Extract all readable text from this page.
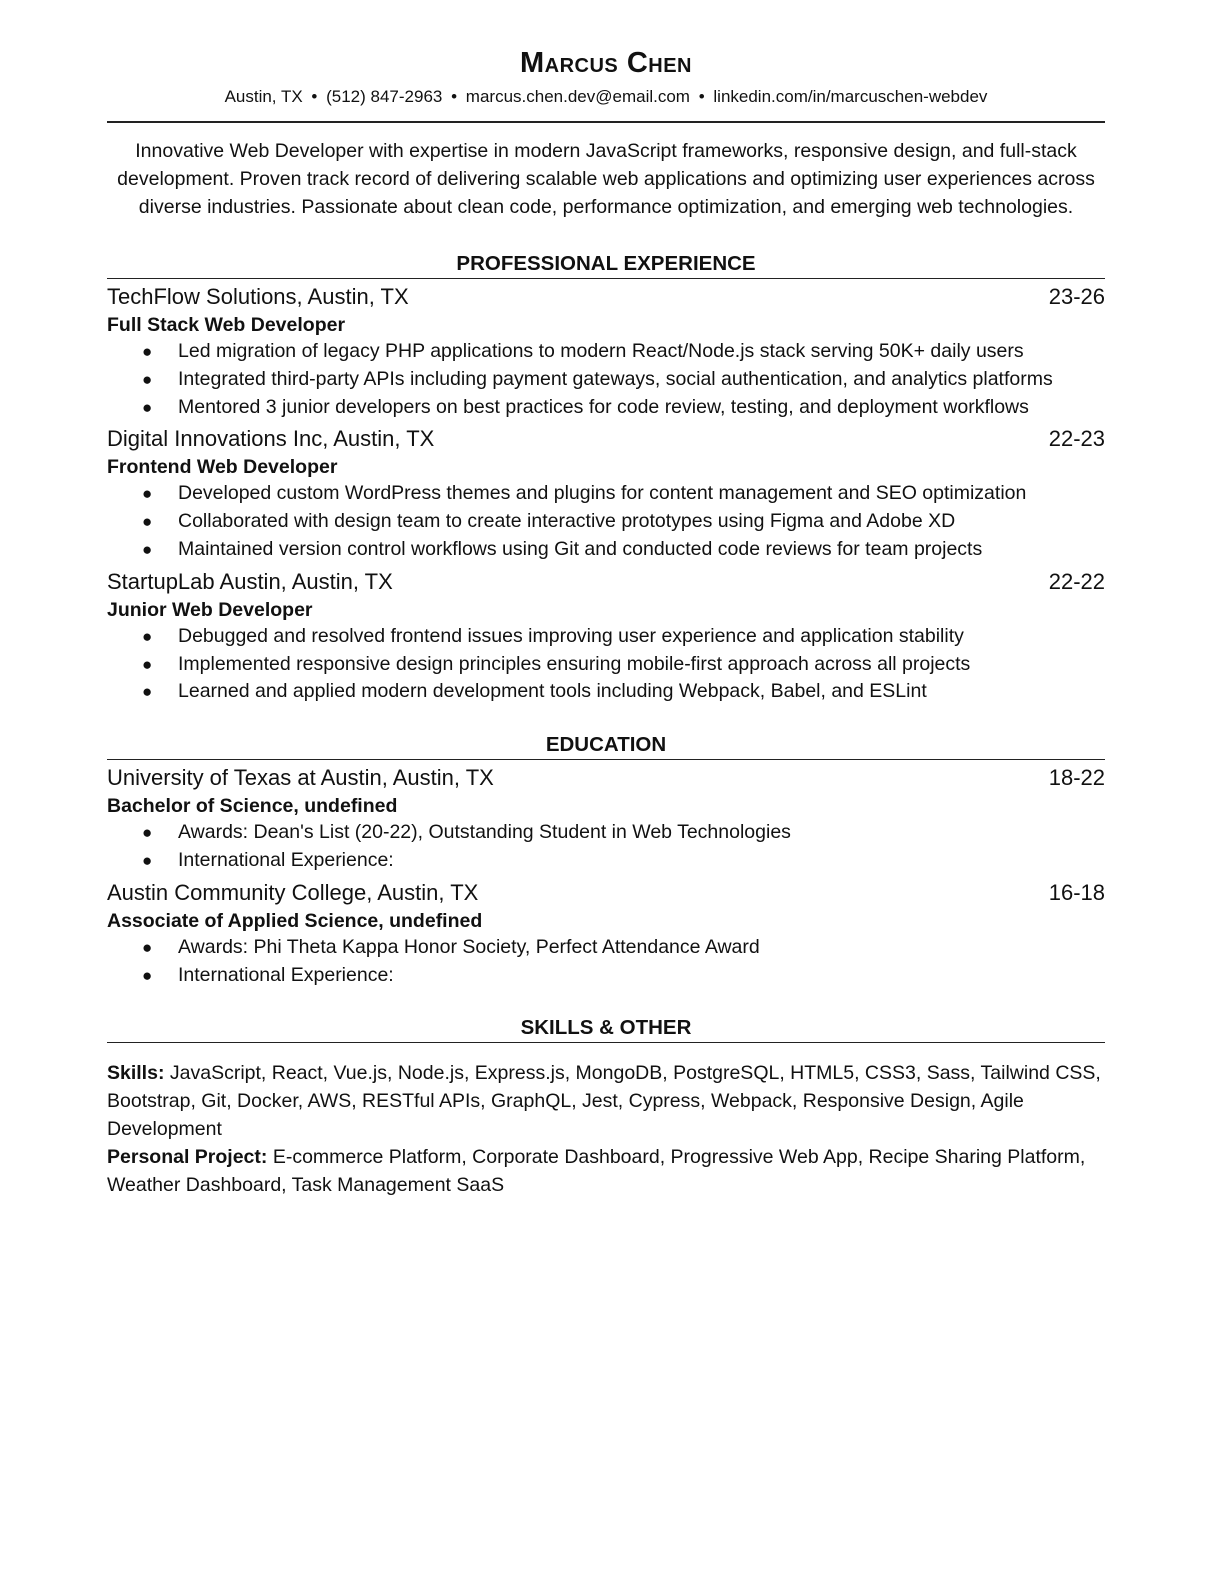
Marcus Chen
Austin, TX • (512) 847-2963 • marcus.chen.dev@email.com • linkedin.com/in/marcuschen-webdev

Innovative Web Developer with expertise in modern JavaScript frameworks, responsive design, and full-stack development. Proven track record of delivering scalable web applications and optimizing user experiences across diverse industries. Passionate about clean code, performance optimization, and emerging web technologies.

PROFESSIONAL EXPERIENCE
TechFlow Solutions, Austin, TX	23-26
Full Stack Web Developer
● Led migration of legacy PHP applications to modern React/Node.js stack serving 50K+ daily users
● Integrated third-party APIs including payment gateways, social authentication, and analytics platforms
● Mentored 3 junior developers on best practices for code review, testing, and deployment workflows
Digital Innovations Inc, Austin, TX	22-23
Frontend Web Developer
● Developed custom WordPress themes and plugins for content management and SEO optimization
● Collaborated with design team to create interactive prototypes using Figma and Adobe XD
● Maintained version control workflows using Git and conducted code reviews for team projects
StartupLab Austin, Austin, TX	22-22
Junior Web Developer
● Debugged and resolved frontend issues improving user experience and application stability
● Implemented responsive design principles ensuring mobile-first approach across all projects
● Learned and applied modern development tools including Webpack, Babel, and ESLint
EDUCATION
University of Texas at Austin, Austin, TX	18-22
Bachelor of Science, undefined
● Awards: Dean's List (20-22), Outstanding Student in Web Technologies
● International Experience:
Austin Community College, Austin, TX	16-18
Associate of Applied Science, undefined
● Awards: Phi Theta Kappa Honor Society, Perfect Attendance Award
● International Experience:
SKILLS & OTHER

Skills: JavaScript, React, Vue.js, Node.js, Express.js, MongoDB, PostgreSQL, HTML5, CSS3, Sass, Tailwind CSS, Bootstrap, Git, Docker, AWS, RESTful APIs, GraphQL, Jest, Cypress, Webpack, Responsive Design, Agile Development

Personal Project: E-commerce Platform, Corporate Dashboard, Progressive Web App, Recipe Sharing Platform, Weather Dashboard, Task Management SaaS
